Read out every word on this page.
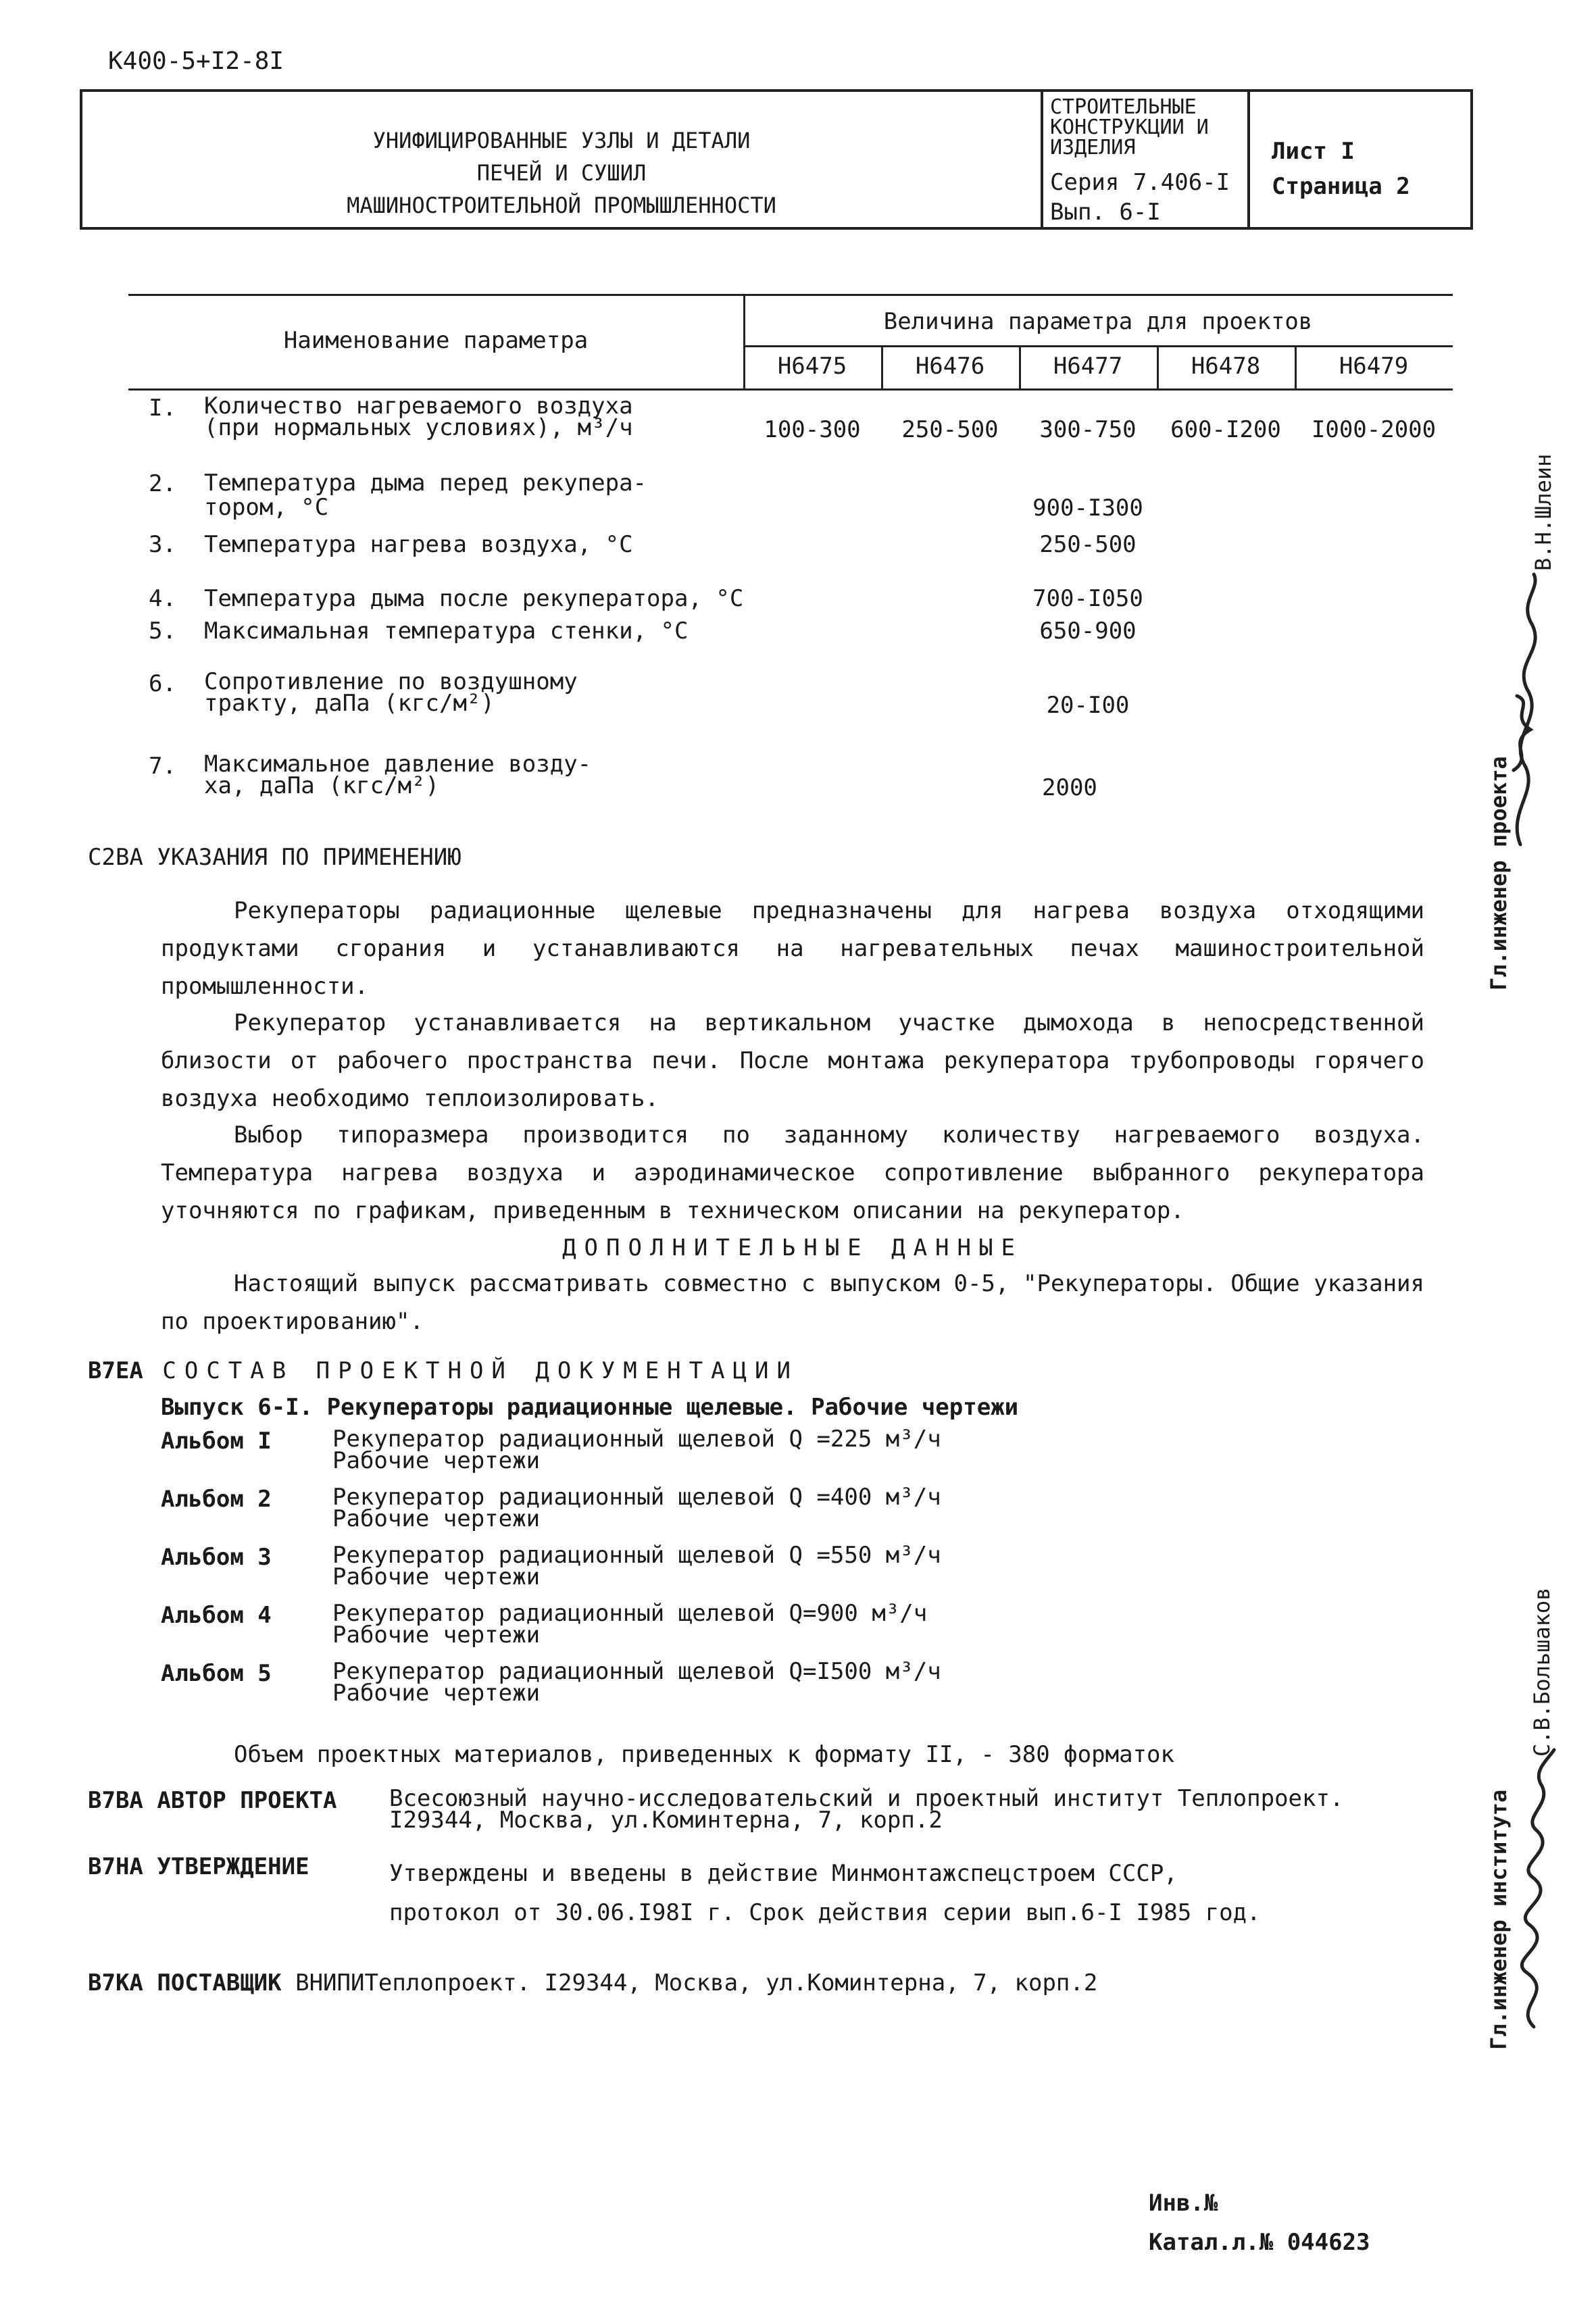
К400-5+I2-8I
УНИФИЦИРОВАННЫЕ УЗЛЫ И ДЕТАЛИ
ПЕЧЕЙ И СУШИЛ
МАШИНОСТРОИТЕЛЬНОЙ ПРОМЫШЛЕННОСТИ
СТРОИТЕЛЬНЫЕ
КОНСТРУКЦИИ И
ИЗДЕЛИЯ
Серия 7.406-I
Вып. 6-I
Лист I
Страница 2
Наименование параметра
Величина параметра для проектов
Н6475	Н6476	Н6477	Н6478	Н6479
I. Количество нагреваемого воздуха
(при нормальных условиях), м³/ч	100-300	250-500	300-750	600-I200	I000-2000
2. Температура дыма перед рекупера-
тором, °С	900-I300
3. Температура нагрева воздуха, °С	250-500
4. Температура дыма после рекуператора, °С	700-I050
5. Максимальная температура стенки, °С	650-900
6. Сопротивление по воздушному
тракту, даПа (кгс/м²)	20-I00
7. Максимальное давление возду-
ха, даПа (кгс/м²)	2000
С2ВА УКАЗАНИЯ ПО ПРИМЕНЕНИЮ
Рекуператоры радиационные щелевые предназначены для нагрева воздуха отходящими продуктами сгорания и устанавливаются на нагревательных печах машиностроительной промышленности.
Рекуператор устанавливается на вертикальном участке дымохода в непосредственной близости от рабочего пространства печи. После монтажа рекуператора трубопроводы горячего воздуха необходимо теплоизолировать.
Выбор типоразмера производится по заданному количеству нагреваемого воздуха. Температура нагрева воздуха и аэродинамическое сопротивление выбранного рекуператора уточняются по графикам, приведенным в техническом описании на рекуператор.
ДОПОЛНИТЕЛЬНЫЕ ДАННЫЕ
Настоящий выпуск рассматривать совместно с выпуском 0-5, "Рекуператоры. Общие указания по проектированию".
В7ЕА СОСТАВ ПРОЕКТНОЙ ДОКУМЕНТАЦИИ
Выпуск 6-I. Рекуператоры радиационные щелевые. Рабочие чертежи
Альбом I	Рекуператор радиационный щелевой Q =225 м³/ч
Рабочие чертежи
Альбом 2	Рекуператор радиационный щелевой Q =400 м³/ч
Рабочие чертежи
Альбом 3	Рекуператор радиационный щелевой Q =550 м³/ч
Рабочие чертежи
Альбом 4	Рекуператор радиационный щелевой Q=900 м³/ч
Рабочие чертежи
Альбом 5	Рекуператор радиационный щелевой Q=I500 м³/ч
Рабочие чертежи
Объем проектных материалов, приведенных к формату II, - 380 форматок
В7ВА АВТОР ПРОЕКТА Всесоюзный научно-исследовательский и проектный институт Теплопроект.
I29344, Москва, ул.Коминтерна, 7, корп.2
В7НА УТВЕРЖДЕНИЕ	Утверждены и введены в действие Минмонтажспецстроем СССР,
протокол от 30.06.I98I г. Срок действия серии вып.6-I I985 год.
В7КА ПОСТАВЩИК ВНИПИТеплопроект. I29344, Москва, ул.Коминтерна, 7, корп.2
Гл.инженер проекта
В.Н.Шлеин
Гл.инженер института
С.В.Большаков
Инв.№
Катал.л.№ 044623
